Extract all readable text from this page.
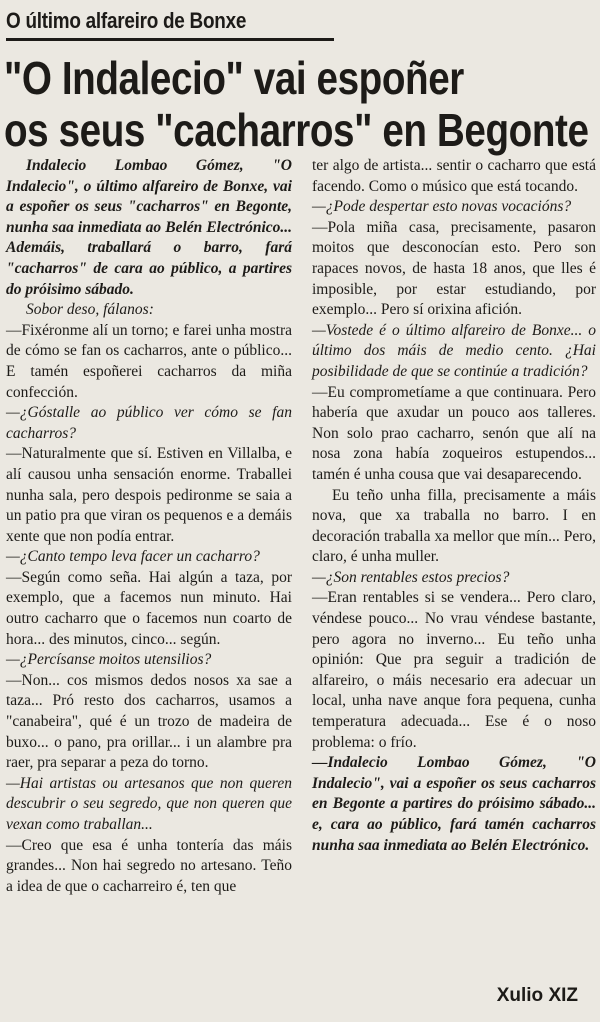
O último alfareiro de Bonxe
"O Indalecio" vai espoñer
os seus "cacharros" en Begonte

Indalecio Lombao Gómez, "O Indalecio", o último alfareiro de Bonxe, vai a espoñer os seus "cacharros" en Begonte, nunha saa inmediata ao Belén Electrónico... Ademáis, traballará o barro, fará "cacharros" de cara ao público, a partires do próisimo sábado.

Sobor deso, fálanos:

—Fixéronme alí un torno; e farei unha mostra de cómo se fan os cacharros, ante o público... E tamén espoñerei cacharros da miña confección.

—¿Góstalle ao público ver cómo se fan cacharros?

—Naturalmente que sí. Estiven en Villalba, e alí causou unha sensación enorme. Traballei nunha sala, pero despois pedironme se saia a un patio pra que viran os pequenos e a demáis xente que non podía entrar.

—¿Canto tempo leva facer un cacharro?

—Según como seña. Hai algún a taza, por exemplo, que a facemos nun minuto. Hai outro cacharro que o facemos nun coarto de hora... des minutos, cinco... según.

—¿Percísanse moitos utensilios?

—Non... cos mismos dedos nosos xa sae a taza... Pró resto dos cacharros, usamos a "canabeira", qué é un trozo de madeira de buxo... o pano, pra orillar... i un alambre pra raer, pra separar a peza do torno.

—Hai artistas ou artesanos que non queren descubrir o seu segredo, que non queren que vexan como traballan...

—Creo que esa é unha tontería das máis grandes... Non hai segredo no artesano. Teño a idea de que o cacharreiro é, ten que

ter algo de artista... sentir o cacharro que está facendo. Como o músico que está tocando.

—¿Pode despertar esto novas vocacións?

—Pola miña casa, precisamente, pasaron moitos que desconocían esto. Pero son rapaces novos, de hasta 18 anos, que lles é imposible, por estar estudiando, por exemplo... Pero sí orixina afición.

—Vostede é o último alfareiro de Bonxe... o último dos máis de medio cento. ¿Hai posibilidade de que se continúe a tradición?

—Eu comprometíame a que continuara. Pero habería que axudar un pouco aos talleres. Non solo prao cacharro, senón que alí na nosa zona había zoqueiros estupendos... tamén é unha cousa que vai desaparecendo.

Eu teño unha filla, precisamente a máis nova, que xa traballa no barro. I en decoración traballa xa mellor que mín... Pero, claro, é unha muller.

—¿Son rentables estos precios?

—Eran rentables si se vendera... Pero claro, véndese pouco... No vrau véndese bastante, pero agora no inverno... Eu teño unha opinión: Que pra seguir a tradición de alfareiro, o máis necesario era adecuar un local, unha nave anque fora pequena, cunha temperatura adecuada... Ese é o noso problema: o frío.

—Indalecio Lombao Gómez, "O Indalecio", vai a espoñer os seus cacharros en Begonte a partires do próisimo sábado... e, cara ao público, fará tamén cacharros nunha saa inmediata ao Belén Electrónico.

Xulio XIZ
